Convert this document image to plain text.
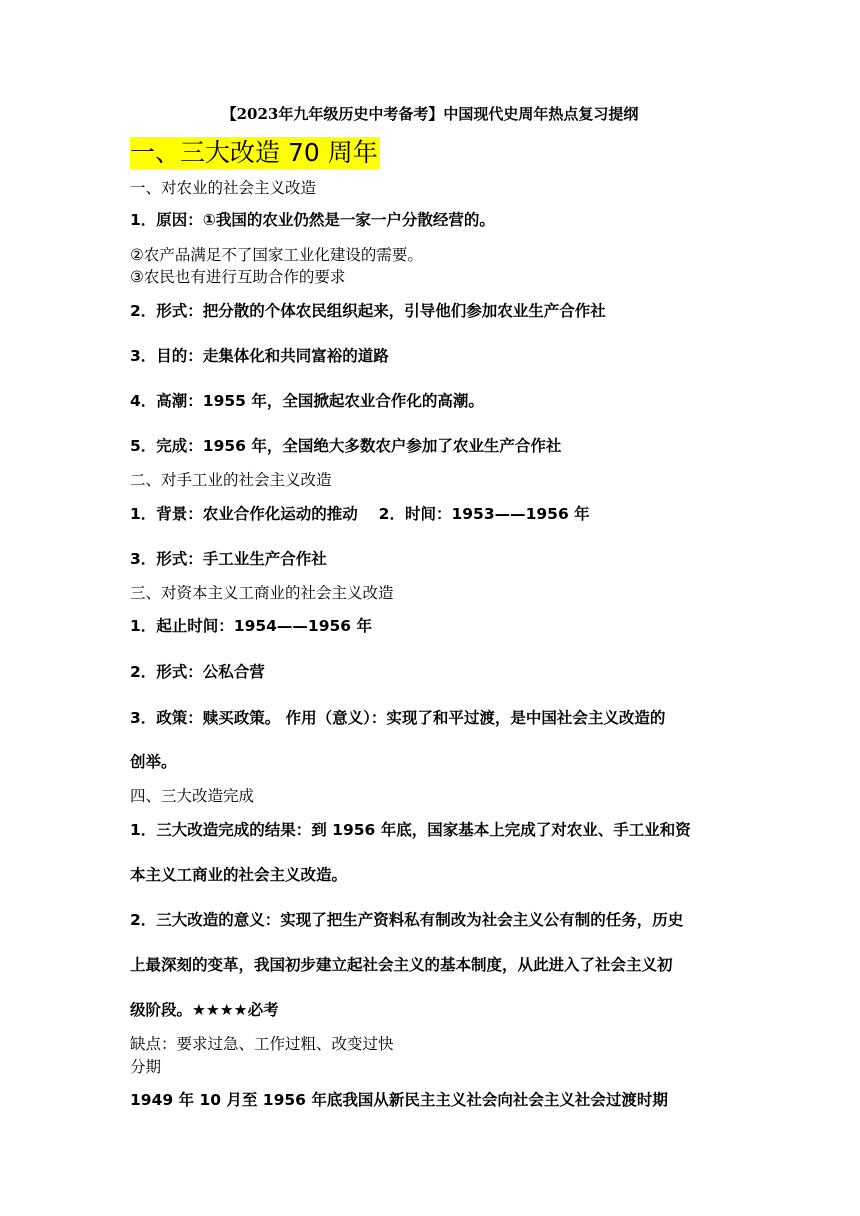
【2023年九年级历史中考备考】中国现代史周年热点复习提纲
一、三大改造 70 周年
一、对农业的社会主义改造
1．原因：①我国的农业仍然是一家一户分散经营的。
②农产品满足不了国家工业化建设的需要。
③农民也有进行互助合作的要求
2．形式：把分散的个体农民组织起来，引导他们参加农业生产合作社
3．目的：走集体化和共同富裕的道路
4．高潮：1955 年，全国掀起农业合作化的高潮。
5．完成：1956 年，全国绝大多数农户参加了农业生产合作社
二、对手工业的社会主义改造
1．背景：农业合作化运动的推动　 2．时间：1953——1956 年
3．形式：手工业生产合作社
三、对资本主义工商业的社会主义改造
1．起止时间：1954——1956 年
2．形式：公私合营
3．政策：赎买政策。 作用（意义）：实现了和平过渡，是中国社会主义改造的
创举。
四、三大改造完成
1．三大改造完成的结果：到 1956 年底，国家基本上完成了对农业、手工业和资
本主义工商业的社会主义改造。
2．三大改造的意义：实现了把生产资料私有制改为社会主义公有制的任务，历史
上最深刻的变革，我国初步建立起社会主义的基本制度，从此进入了社会主义初
级阶段。★★★★必考
缺点：要求过急、工作过粗、改变过快
分期
1949 年 10 月至 1956 年底我国从新民主主义社会向社会主义社会过渡时期
